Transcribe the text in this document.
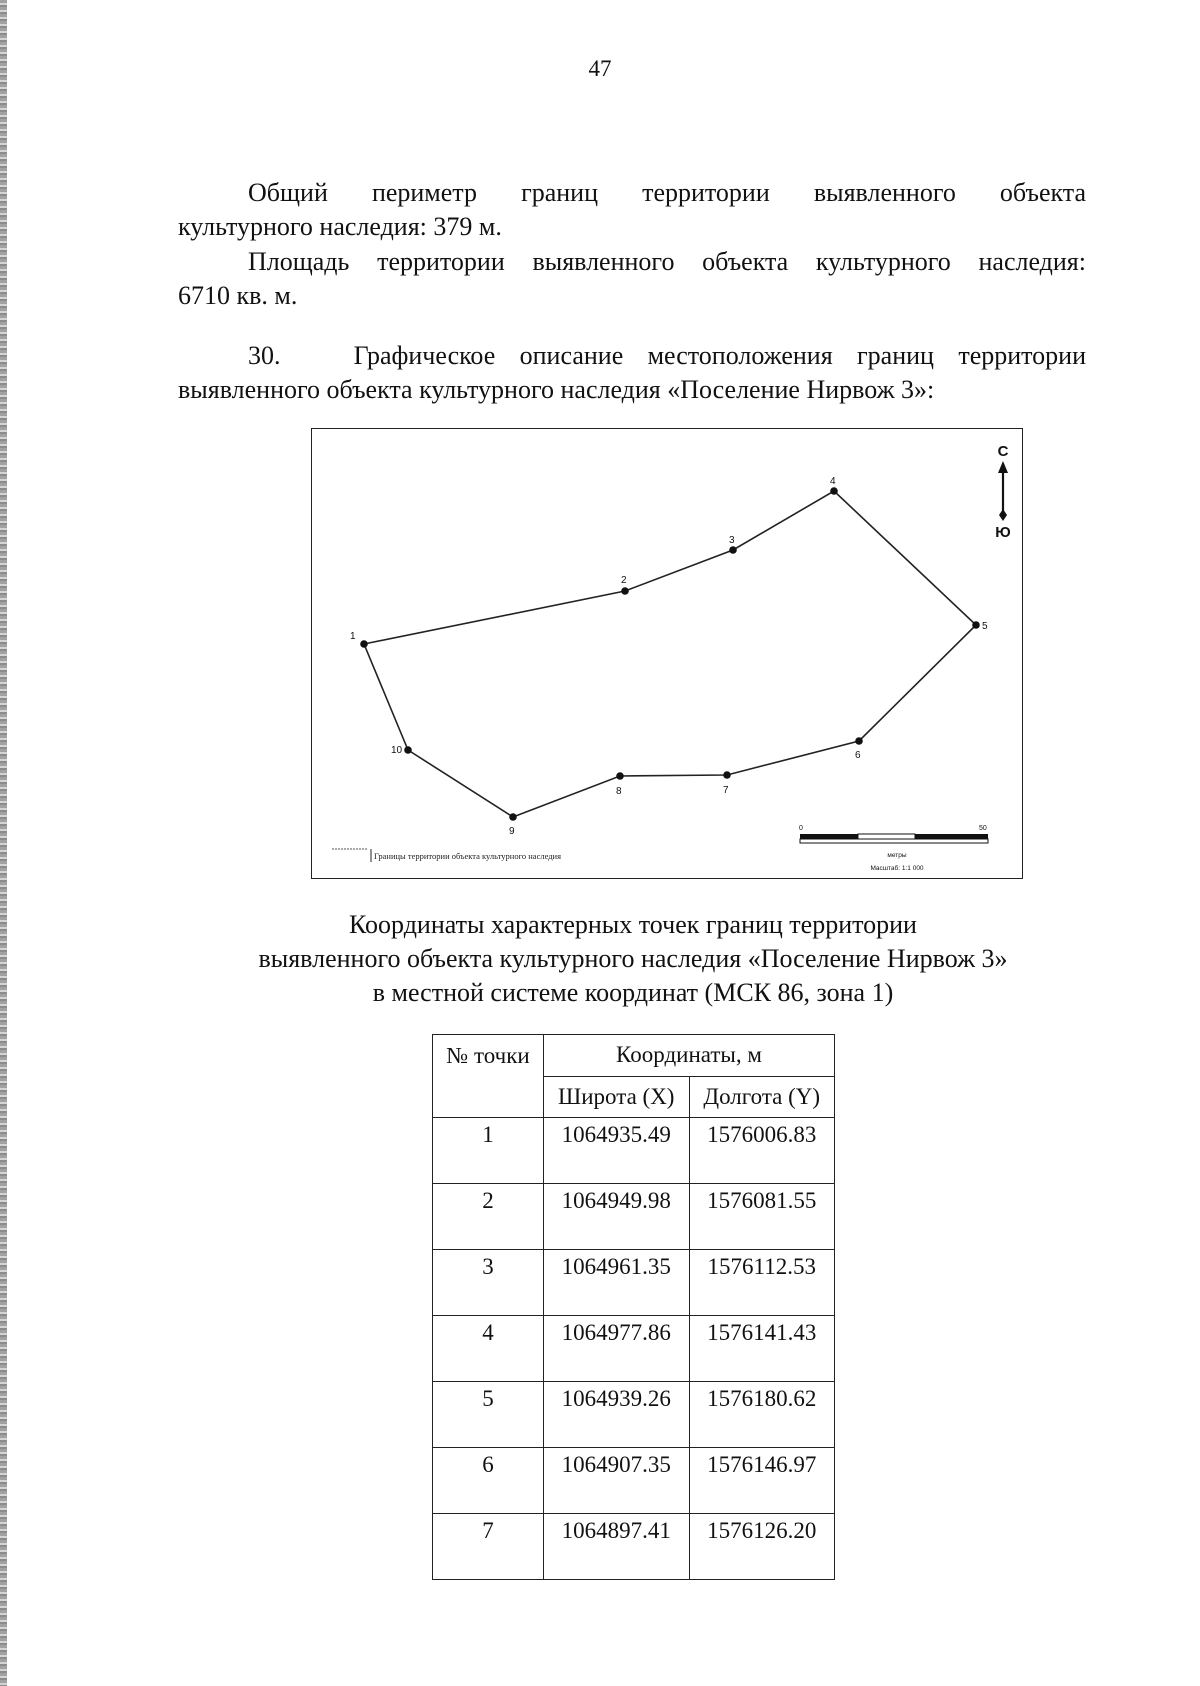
47
Общий периметр границ территории выявленного объекта
культурного наследия: 379 м.
Площадь территории выявленного объекта культурного наследия:
6710 кв. м.
30.	Графическое описание местоположения границ территории
выявленного объекта культурного наследия «Поселение Нирвож 3»:
1
2
3
4
5
6
7
8
9
10
С
Ю
Границы территории объекта культурного наследия
0	50
метры
Масштаб: 1:1 000
Координаты характерных точек границ территории
выявленного объекта культурного наследия «Поселение Нирвож 3»
в местной системе координат (МСК 86, зона 1)
№ точки	Координаты, м	
	Широта (X)	Долгота (Y)
1	1064935.49	1576006.83
2	1064949.98	1576081.55
3	1064961.35	1576112.53
4	1064977.86	1576141.43
5	1064939.26	1576180.62
6	1064907.35	1576146.97
7	1064897.41	1576126.20
